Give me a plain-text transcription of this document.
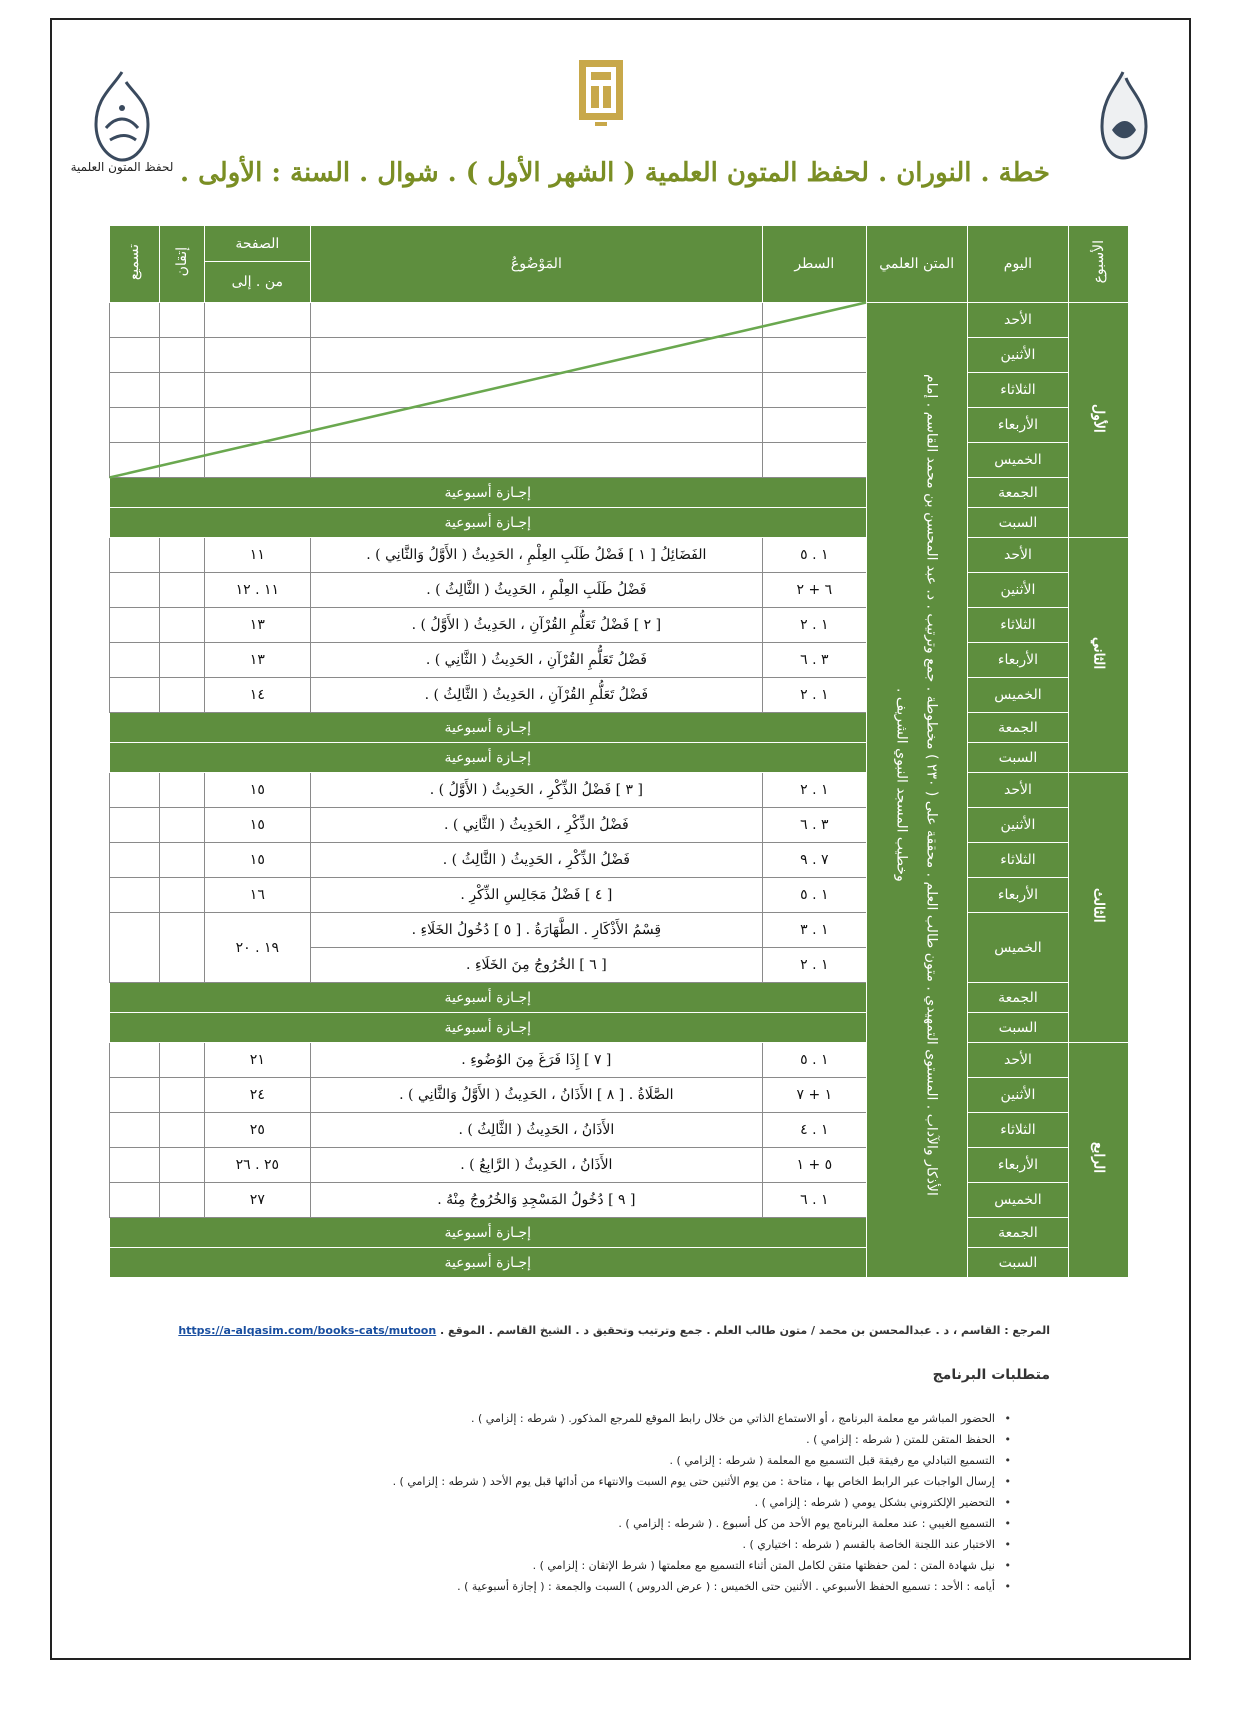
لحفظ المتون العلمية خطة . النوران . لحفظ المتون العلمية ( الشهر الأول ) . شوال . السنة : الأولى .
الأسبوع	اليوم	المتن العلمي	السطر	المَوْضُوعُ	الصفحة	إتقان	تسميع
					من . إلى		
الأول	الأحد	الأذكار والآداب . المستوى التمهيدي . متون طالب العلم . محققة على ( ٢٣٠ ) مخطوطة . جمع وترتيب . د. عبد المحسن بن محمد القاسم . إمام وخطيب المسجد النبوي الشريف .					
	الأثنين						
	الثلاثاء						
	الأربعاء						
	الخميس						
	الجمعة		إجـازة أسبوعية				
	السبت		إجـازة أسبوعية				
الثاني	الأحد		١ . ٥	الفَضَائِلُ [ ١ ] فَضْلُ طَلَبِ العِلْمِ ، الحَدِيثُ ( الأَوَّلُ وَالثَّانِي ) .	١١		
	الأثنين		٦ + ٢	فَضْلُ طَلَبِ العِلْمِ ، الحَدِيثُ ( الثَّالِثُ ) .	١١ . ١٢		
	الثلاثاء		١ . ٢	[ ٢ ] فَضْلُ تَعَلُّمِ القُرْآنِ ، الحَدِيثُ ( الأَوَّلُ ) .	١٣		
	الأربعاء		٣ . ٦	فَضْلُ تَعَلُّمِ القُرْآنِ ، الحَدِيثُ ( الثَّانِي ) .	١٣		
	الخميس		١ . ٢	فَضْلُ تَعَلُّمِ القُرْآنِ ، الحَدِيثُ ( الثَّالِثُ ) .	١٤		
	الجمعة		إجـازة أسبوعية				
	السبت		إجـازة أسبوعية				
الثالث	الأحد		١ . ٢	[ ٣ ] فَضْلُ الذِّكْرِ ، الحَدِيثُ ( الأَوَّلُ ) .	١٥		
	الأثنين		٣ . ٦	فَضْلُ الذِّكْرِ ، الحَدِيثُ ( الثَّانِي ) .	١٥		
	الثلاثاء		٧ . ٩	فَضْلُ الذِّكْرِ ، الحَدِيثُ ( الثَّالِثُ ) .	١٥		
	الأربعاء		١ . ٥	[ ٤ ] فَضْلُ مَجَالِسِ الذِّكْرِ .	١٦		
	الخميس		١ . ٣	قِسْمُ الأَذْكَارِ . الطَّهَارَةُ . [ ٥ ] دُخُولُ الخَلَاءِ .	١٩ . ٢٠		
			١ . ٢	[ ٦ ] الخُرُوجُ مِنَ الخَلَاءِ .			
	الجمعة		إجـازة أسبوعية				
	السبت		إجـازة أسبوعية				
الرابع	الأحد		١ . ٥	[ ٧ ] إِذَا فَرَغَ مِنَ الوُضُوءِ .	٢١		
	الأثنين		١ + ٧	الصَّلَاةُ . [ ٨ ] الأَذَانُ ، الحَدِيثُ ( الأَوَّلُ وَالثَّانِي ) .	٢٤		
	الثلاثاء		١ . ٤	الأَذَانُ ، الحَدِيثُ ( الثَّالِثُ ) .	٢٥		
	الأربعاء		٥ + ١	الأَذَانُ ، الحَدِيثُ ( الرَّابِعُ ) .	٢٥ . ٢٦		
	الخميس		١ . ٦	[ ٩ ] دُخُولُ المَسْجِدِ وَالخُرُوجُ مِنْهُ .	٢٧		
	الجمعة		إجـازة أسبوعية				
	السبت		إجـازة أسبوعية				
المرجع : القاسم ، د . عبدالمحسن بن محمد / متون طالب العلم . جمع وترتيب وتحقيق د . الشيخ القاسم . الموقع . https://a-alqasim.com/books-cats/mutoon
متطلبات البرنامج
• الحضور المباشر مع معلمة البرنامج ، أو الاستماع الذاتي من خلال رابط الموقع للمرجع المذكور. ( شرطه : إلزامي ) .
• الحفظ المتقن للمتن ( شرطه : إلزامي ) .
• التسميع التبادلي مع رفيقة قبل التسميع مع المعلمة ( شرطه : إلزامي ) .
• إرسال الواجبات عبر الرابط الخاص بها ، متاحة : من يوم الأثنين حتى يوم السبت والانتهاء من أدائها قبل يوم الأحد ( شرطه : إلزامي ) .
• التحضير الإلكتروني بشكل يومي ( شرطه : إلزامي ) .
• التسميع الغيبي : عند معلمة البرنامج يوم الأحد من كل أسبوع . ( شرطه : إلزامي ) .
• الاختبار عند اللجنة الخاصة بالقسم ( شرطه : اختياري ) .
• نيل شهادة المتن : لمن حفظتها متقن لكامل المتن أثناء التسميع مع معلمتها ( شرط الإتقان : إلزامي ) .
• أيامه : الأحد : تسميع الحفظ الأسبوعي . الأثنين حتى الخميس : ( عرض الدروس ) السبت والجمعة : ( إجازة أسبوعية ) .
